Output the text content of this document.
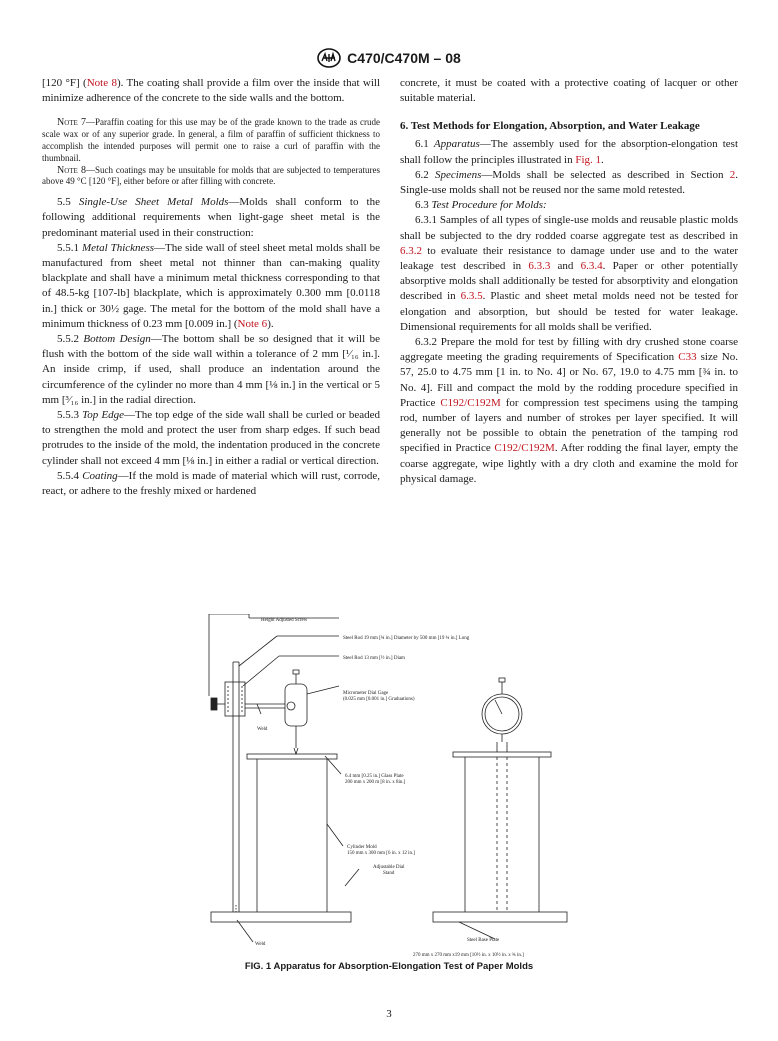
C470/C470M – 08

[120 °F] (Note 8). The coating shall provide a film over the inside that will minimize adherence of the concrete to the side walls and the bottom.

Note 7—Paraffin coating for this use may be of the grade known to the trade as crude scale wax or of any superior grade. In general, a film of paraffin of sufficient thickness to accomplish the intended purposes will permit one to raise a curl of paraffin with the thumbnail.

Note 8—Such coatings may be unsuitable for molds that are subjected to temperatures above 49 °C [120 °F], either before or after filling with concrete.

5.5 Single-Use Sheet Metal Molds—Molds shall conform to the following additional requirements when light-gage sheet metal is the predominant material used in their construction:

5.5.1 Metal Thickness—The side wall of steel sheet metal molds shall be manufactured from sheet metal not thinner than can-making quality blackplate and shall have a minimum metal thickness corresponding to that of 48.5-kg [107-lb] blackplate, which is approximately 0.300 mm [0.0118 in.] thick or 30½ gage. The metal for the bottom of the mold shall have a minimum thickness of 0.23 mm [0.009 in.] (Note 6).

5.5.2 Bottom Design—The bottom shall be so designed that it will be flush with the bottom of the side wall within a tolerance of 2 mm [¹⁄₁₆ in.]. An inside crimp, if used, shall produce an indentation around the circumference of the cylinder no more than 4 mm [⅛ in.] in the vertical or 5 mm [³⁄₁₆ in.] in the radial direction.

5.5.3 Top Edge—The top edge of the side wall shall be curled or beaded to strengthen the mold and protect the user from sharp edges. If such bead protrudes to the inside of the mold, the indentation produced in the concrete cylinder shall not exceed 4 mm [⅛ in.] in either a radial or vertical direction.

5.5.4 Coating—If the mold is made of material which will rust, corrode, react, or adhere to the freshly mixed or hardened

concrete, it must be coated with a protective coating of lacquer or other suitable material.

6. Test Methods for Elongation, Absorption, and Water Leakage

6.1 Apparatus—The assembly used for the absorption-elongation test shall follow the principles illustrated in Fig. 1.

6.2 Specimens—Molds shall be selected as described in Section 2. Single-use molds shall not be reused nor the same mold retested.

6.3 Test Procedure for Molds:

6.3.1 Samples of all types of single-use molds and reusable plastic molds shall be subjected to the dry rodded coarse aggregate test as described in 6.3.2 to evaluate their resistance to damage under use and to the water leakage test described in 6.3.3 and 6.3.4. Paper or other potentially absorptive molds shall additionally be tested for absorptivity and elongation described in 6.3.5. Plastic and sheet metal molds need not be tested for elongation and absorption, but should be tested for water leakage. Dimensional requirements for all molds shall be verified.

6.3.2 Prepare the mold for test by filling with dry crushed stone coarse aggregate meeting the grading requirements of Specification C33 size No. 57, 25.0 to 4.75 mm [1 in. to No. 4] or No. 67, 19.0 to 4.75 mm [¾ in. to No. 4]. Fill and compact the mold by the rodding procedure specified in Practice C192/C192M for compression test specimens using the tamping rod, number of layers and number of strokes per layer specified. It will generally not be possible to obtain the penetration of the tamping rod specified in Practice C192/C192M. After rodding the final layer, empty the coarse aggregate, wipe lightly with a dry cloth and examine the mold for physical damage.

Height Adjusted Screw
Steel Rod 19 mm [¾ in.] Diameter by 500 mm [19 ¾ in.] Long
Steel Rod 13 mm [½ in.] Diam
Micrometer Dial Gage
(0.025 mm [0.001 in.] Graduations)
Weld
6.4 mm [0.25 in.] Glass Plate
200 mm x 200 m [8 in. x 8in.]
Cylinder Mold
150 mm x 300 mm [6 in. x 12 in.]
Adjustable Dial
Stand
Weld
Steel Base Plate
270 mm x 270 mm x19 mm [10½ in. x 10½ in. x ¾ in.]
FIG. 1 Apparatus for Absorption-Elongation Test of Paper Molds
3
